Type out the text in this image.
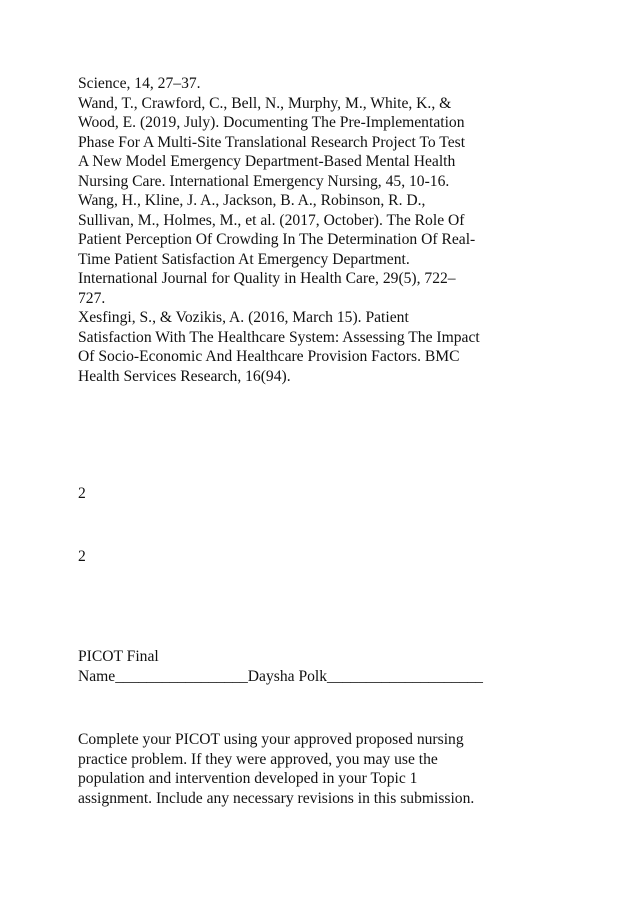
Science, 14, 27–37.
Wand, T., Crawford, C., Bell, N., Murphy, M., White, K., &
Wood, E. (2019, July). Documenting The Pre-Implementation
Phase For A Multi-Site Translational Research Project To Test
A New Model Emergency Department-Based Mental Health
Nursing Care. International Emergency Nursing, 45, 10-16.
Wang, H., Kline, J. A., Jackson, B. A., Robinson, R. D.,
Sullivan, M., Holmes, M., et al. (2017, October). The Role Of
Patient Perception Of Crowding In The Determination Of Real-
Time Patient Satisfaction At Emergency Department.
International Journal for Quality in Health Care, 29(5), 722–
727.
Xesfingi, S., & Vozikis, A. (2016, March 15). Patient
Satisfaction With The Healthcare System: Assessing The Impact
Of Socio-Economic And Healthcare Provision Factors. BMC
Health Services Research, 16(94).
2
2
PICOT Final
Name_________________Daysha Polk____________________
Complete your PICOT using your approved proposed nursing
practice problem. If they were approved, you may use the
population and intervention developed in your Topic 1
assignment. Include any necessary revisions in this submission.
